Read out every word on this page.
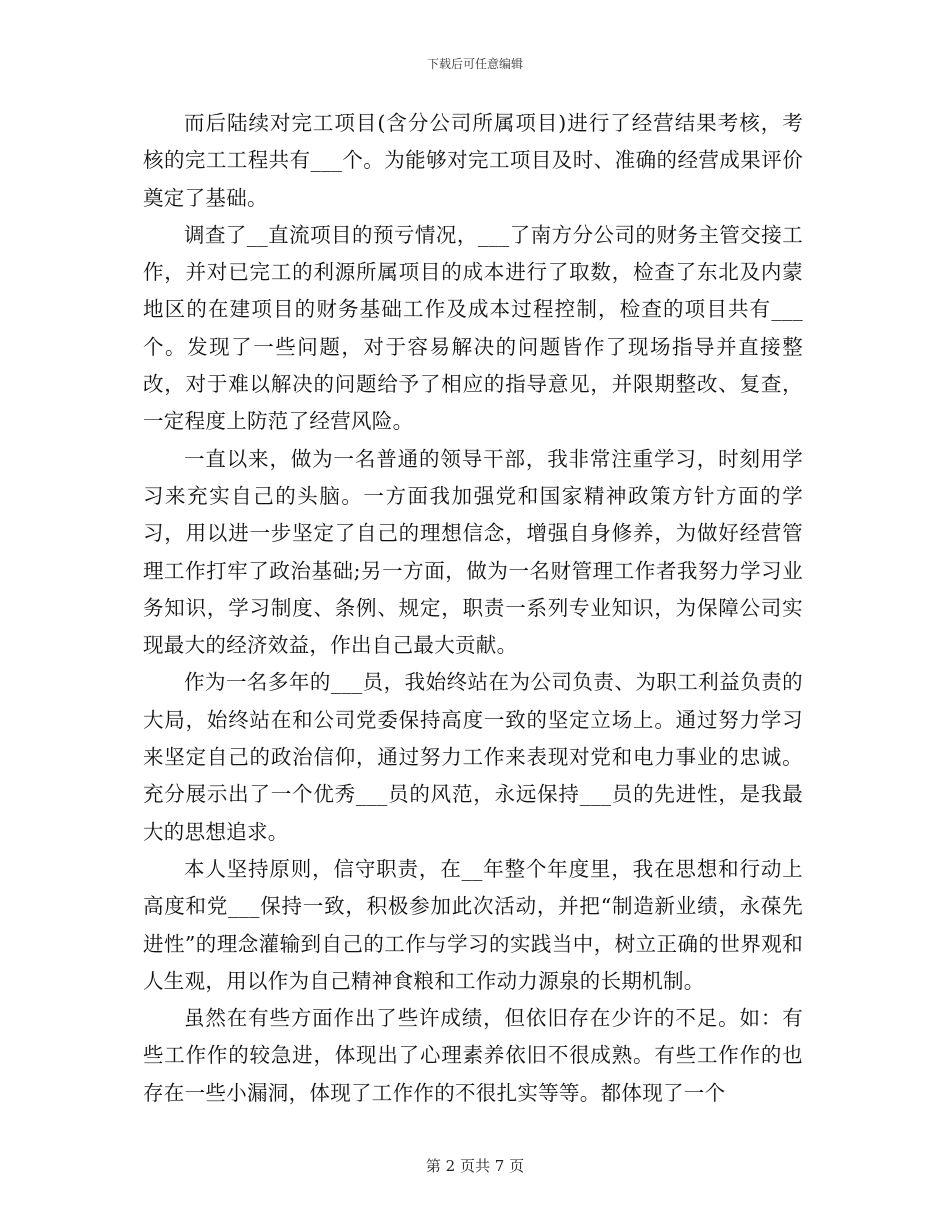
下载后可任意编辑

而后陆续对完工项目(含分公司所属项目)进行了经营结果考核，考核的完工工程共有___个。为能够对完工项目及时、准确的经营成果评价奠定了基础。

调查了__直流项目的预亏情况，___了南方分公司的财务主管交接工作，并对已完工的利源所属项目的成本进行了取数，检查了东北及内蒙地区的在建项目的财务基础工作及成本过程控制，检查的项目共有___个。发现了一些问题，对于容易解决的问题皆作了现场指导并直接整改，对于难以解决的问题给予了相应的指导意见，并限期整改、复查，一定程度上防范了经营风险。

一直以来，做为一名普通的领导干部，我非常注重学习，时刻用学习来充实自己的头脑。一方面我加强党和国家精神政策方针方面的学习，用以进一步坚定了自己的理想信念，增强自身修养，为做好经营管理工作打牢了政治基础;另一方面，做为一名财管理工作者我努力学习业务知识，学习制度、条例、规定，职责一系列专业知识，为保障公司实现最大的经济效益，作出自己最大贡献。

作为一名多年的___员，我始终站在为公司负责、为职工利益负责的大局，始终站在和公司党委保持高度一致的坚定立场上。通过努力学习来坚定自己的政治信仰，通过努力工作来表现对党和电力事业的忠诚。充分展示出了一个优秀___员的风范，永远保持___员的先进性，是我最大的思想追求。

本人坚持原则，信守职责，在__年整个年度里，我在思想和行动上高度和党___保持一致，积极参加此次活动，并把“制造新业绩，永葆先进性”的理念灌输到自己的工作与学习的实践当中，树立正确的世界观和人生观，用以作为自己精神食粮和工作动力源泉的长期机制。

虽然在有些方面作出了些许成绩，但依旧存在少许的不足。如：有些工作作的较急进，体现出了心理素养依旧不很成熟。有些工作作的也存在一些小漏洞，体现了工作作的不很扎实等等。都体现了一个

第 2 页共 7 页
